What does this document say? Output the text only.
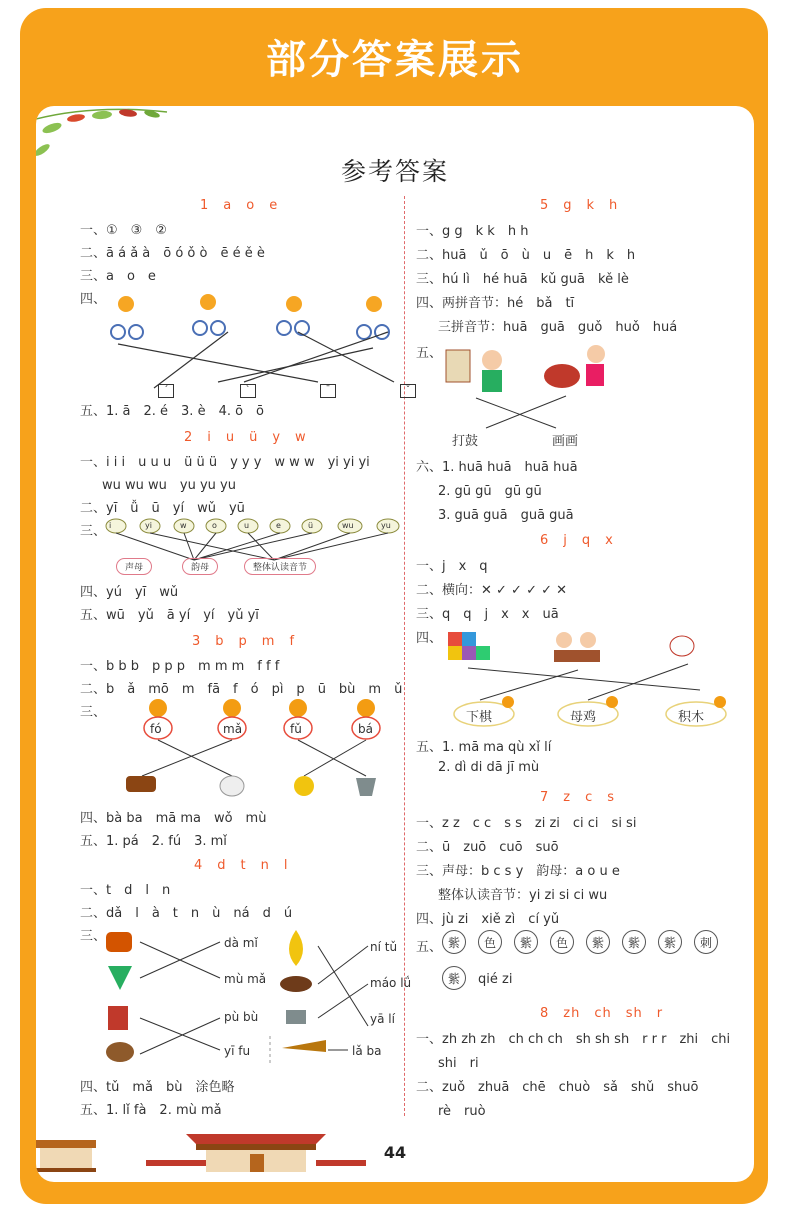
部分答案展示
参考答案
1　a　o　e
一、①　③　②
二、ā á ǎ à　ō ó ǒ ò　ē é ě è
三、a　o　e
四、
ˊ	ˋ	ˉ	ˇ
五、1. ā　2. é　3. è　4. ō　ō
2　i　u　ü　y　w
一、i i i　u u u　ü ü ü　y y y　w w w　yi yi yi
wu wu wu　yu yu yu
二、yī　ǚ　ū　yí　wǔ　yū
三、 i	yi	w	o	u	e	ü	wu	yu
声母	韵母	整体认读音节
四、yú　yī　wǔ
五、wū　yǔ　ā yí　yí　yǔ yī
3　b　p　m　f
一、b b b　p p p　m m m　f f f
二、b　ǎ　mō　m　fā　f　ó　pì　p　ū　bù　m　ǔ
三、
fó	mǎ	fǔ	bá
四、bà ba　mā ma　wǒ　mù
五、1. pá　2. fú　3. mǐ
4　d　t　n　l
一、t　d　l　n
二、dǎ　l　à　t　n　ù　ná　d　ú
三、	dà mǐ
mù mǎ
pù bù
yī fu
ní tǔ
máo lǘ
yā lí
lǎ ba
四、tǔ　mǎ　bù　涂色略
五、1. lǐ fà　2. mù mǎ
5　g　k　h
一、g g　k k　h h
二、huā　ǔ　ō　ù　u　ē　h　k　h
三、hú lì　hé huā　kǔ guā　kě lè
四、两拼音节：hé　bǎ　tī
三拼音节：huā　guā　guǒ　huǒ　huá
五、
打鼓	画画
六、1. huā huā　huā huā
2. gū gū　gū gū
3. guā guā　guā guā
6　j　q　x
一、j　x　q
二、横向：✕ ✓ ✓ ✓ ✓ ✕
三、q　q　j　x　x　uā
四、
下棋	母鸡	积木
五、1. mā ma qù xǐ lí
2. dì di dā jī mù
7　z　c　s
一、z z　c c　s s　zi zi　ci ci　si si
二、ū　zuō　cuō　suō
三、声母：b c s y　韵母：a o u e
整体认读音节：yi zi si ci wu
四、jù zi　xiě zì　cí yǔ
五、 紫 色 紫 色 紫 紫 紫 刺
紫	qié zi
8　zh　ch　sh　r
一、zh zh zh　ch ch ch　sh sh sh　r r r　zhi　chi
shi　ri
二、zuǒ　zhuā　chē　chuò　sǎ　shǔ　shuō
rè　ruò
44
